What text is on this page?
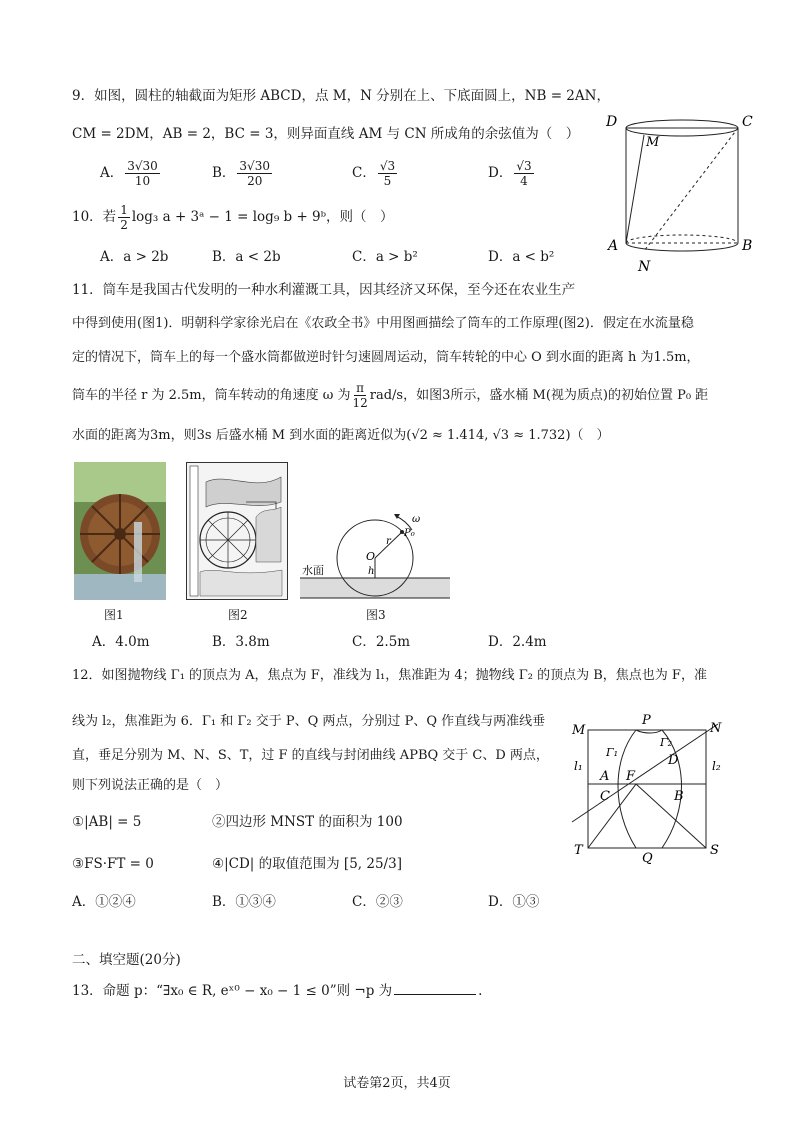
9．如图，圆柱的轴截面为矩形 ABCD，点 M，N 分别在上、下底面圆上，NB = 2AN，
CM = 2DM，AB = 2，BC = 3，则异面直线 AM 与 CN 所成角的余弦值为（　）
A． $\frac{3√30}{10}$	B． $\frac{3√30}{20}$	C． $\frac{√3}{5}$	D． $\frac{√3}{4}$
D	C
M
A	B
N
10．若 $\frac{1}{2} \log_3$ a + 3ᵃ − 1 = log₉ b + 9ᵇ，则（　）
A．a > 2b	B．a < 2b	C．a > b²	D．a < b²
11．筒车是我国古代发明的一种水利灌溉工具，因其经济又环保，至今还在农业生产
中得到使用(图1)．明朝科学家徐光启在《农政全书》中用图画描绘了筒车的工作原理(图2)．假定在水流量稳
定的情况下，筒车上的每一个盛水筒都做逆时针匀速圆周运动，筒车转轮的中心 O 到水面的距离 h 为1.5m，
筒车的半径 r 为 2.5m，筒车转动的角速度 ω 为 $\frac{\pi}{12} rad/s$，如图3所示，盛水桶 M(视为质点)的初始位置 P₀ 距
水面的距离为3m，则3s 后盛水桶 M 到水面的距离近似为(√2 ≈ 1.414, √3 ≈ 1.732)（　）
图1	图2
O
h
r
P₀
ω
水面
图3
A．4.0m	B．3.8m	C．2.5m	D．2.4m
12．如图抛物线 Γ₁ 的顶点为 A，焦点为 F，准线为 l₁，焦准距为 4；抛物线 Γ₂ 的顶点为 B，焦点也为 F，准
线为 l₂，焦准距为 6．Γ₁ 和 Γ₂ 交于 P、Q 两点，分别过 P、Q 作直线与两准线垂
直，垂足分别为 M、N、S、T，过 F 的直线与封闭曲线 APBQ 交于 C、D 两点，
则下列说法正确的是（　）
①|AB| = 5	②四边形 MNST 的面积为 100
③FS·FT = 0	④|CD| 的取值范围为 [5, 25/3]
A．①②④	B．①③④	C．②③	D．①③
P
N
M
Γ₁
Γ₂
D
l₁	l₂
A F
C	B
T
Q
S
二、填空题(20分)
13．命题 p：“∃x₀ ∈ R, eˣ⁰ − x₀ − 1 ≤ 0”则 ¬p 为	.
试卷第2页，共4页
